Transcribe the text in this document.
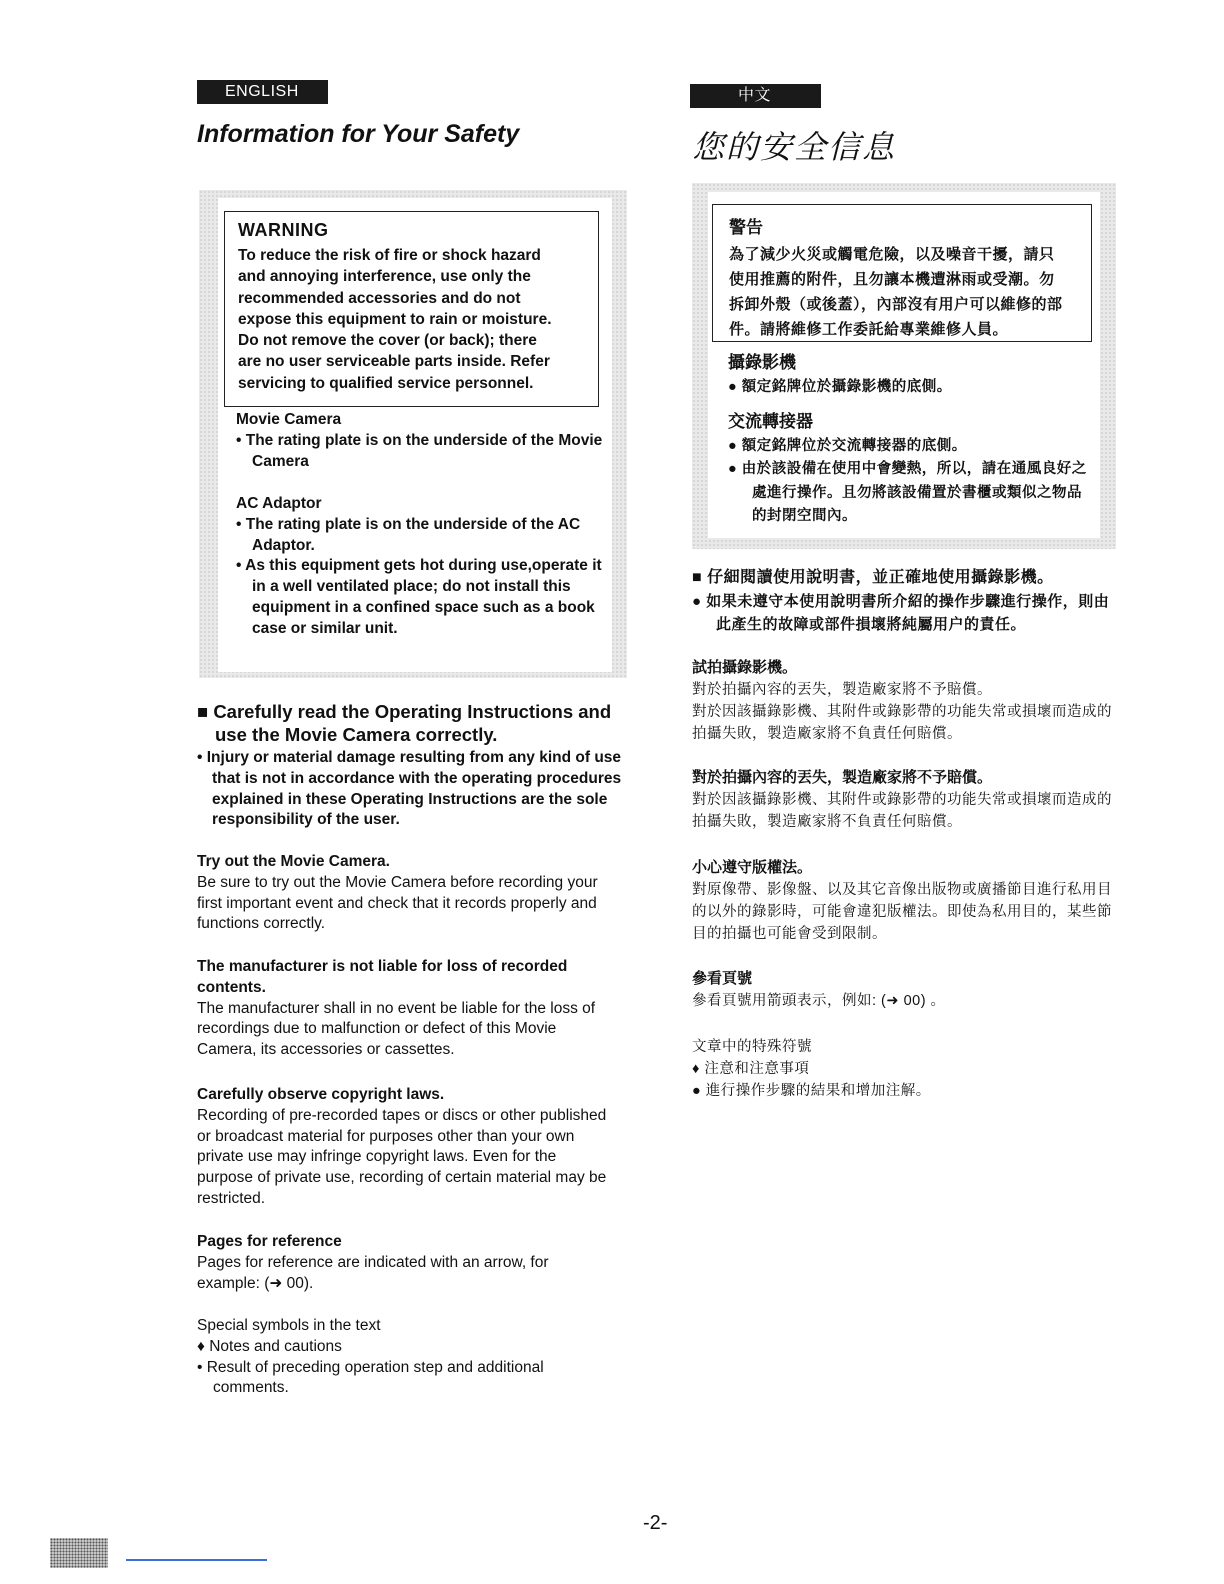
ENGLISH	中文
Information for Your Safety	您的安全信息

WARNING

To reduce the risk of fire or shock hazard
and annoying interference, use only the
recommended accessories and do not
expose this equipment to rain or moisture.
Do not remove the cover (or back); there
are no user serviceable parts inside. Refer
servicing to qualified service personnel.

Movie Camera

• The rating plate is on the underside of the Movie Camera

AC Adaptor

• The rating plate is on the underside of the AC Adaptor.

• As this equipment gets hot during use,operate it in a well ventilated place; do not install this equipment in a confined space such as a book case or similar unit.

■ Carefully read the Operating Instructions and use the Movie Camera correctly.

• Injury or material damage resulting from any kind of use that is not in accordance with the operating procedures explained in these Operating Instructions are the sole responsibility of the user.

Try out the Movie Camera.

Be sure to try out the Movie Camera before recording your first important event and check that it records properly and functions correctly.

The manufacturer is not liable for loss of recorded contents.

The manufacturer shall in no event be liable for the loss of recordings due to malfunction or defect of this Movie Camera, its accessories or cassettes.

Carefully observe copyright laws.

Recording of pre-recorded tapes or discs or other published or broadcast material for purposes other than your own private use may infringe copyright laws. Even for the purpose of private use, recording of certain material may be restricted.

Pages for reference

Pages for reference are indicated with an arrow, for example: (➜ 00).

Special symbols in the text

♦ Notes and cautions

• Result of preceding operation step and additional comments.

警告

為了減少火災或觸電危險，以及噪音干擾，請只
使用推薦的附件，且勿讓本機遭淋雨或受潮。勿
拆卸外殼（或後蓋），內部沒有用户可以維修的部
件。請將維修工作委託給專業維修人員。

攝錄影機

● 額定銘牌位於攝錄影機的底側。

交流轉接器

● 額定銘牌位於交流轉接器的底側。

● 由於該設備在使用中會變熱，所以，請在通風良好之處進行操作。且勿將該設備置於書櫃或類似之物品的封閉空間內。

■ 仔細閱讀使用說明書，並正確地使用攝錄影機。

● 如果未遵守本使用說明書所介紹的操作步驟進行操作，則由此產生的故障或部件損壞將純屬用户的責任。

試拍攝錄影機。

對於拍攝內容的丟失，製造廠家將不予賠償。

對於因該攝錄影機、其附件或錄影帶的功能失常或損壞而造成的拍攝失敗，製造廠家將不負責任何賠償。

對於拍攝內容的丟失，製造廠家將不予賠償。

對於因該攝錄影機、其附件或錄影帶的功能失常或損壞而造成的拍攝失敗，製造廠家將不負責任何賠償。

小心遵守版權法。

對原像帶、影像盤、以及其它音像出版物或廣播節目進行私用目的以外的錄影時，可能會違犯版權法。即使為私用目的，某些節目的拍攝也可能會受到限制。

參看頁號

參看頁號用箭頭表示，例如: (➜ 00) 。

文章中的特殊符號

♦ 注意和注意事項

● 進行操作步驟的結果和增加注解。

-2-
